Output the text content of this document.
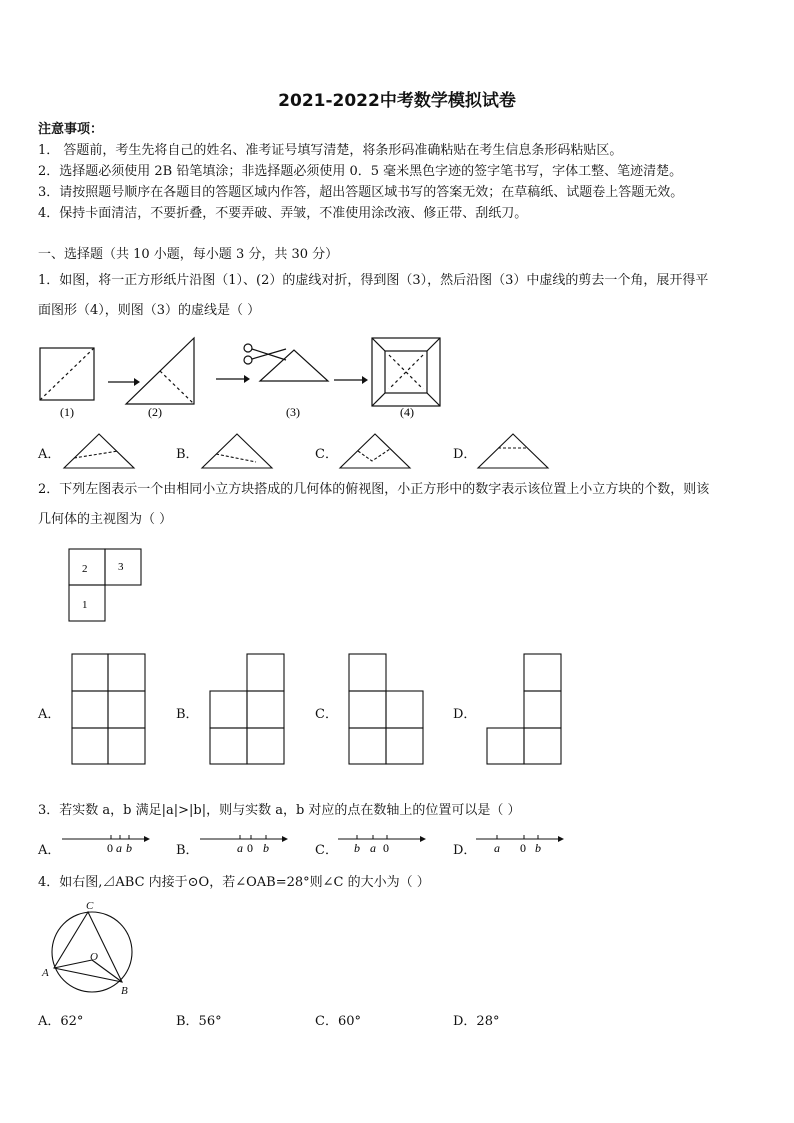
2021-2022中考数学模拟试卷
注意事项：
1． 答题前，考生先将自己的姓名、准考证号填写清楚，将条形码准确粘贴在考生信息条形码粘贴区。
2．选择题必须使用 2B 铅笔填涂；非选择题必须使用 0．5 毫米黑色字迹的签字笔书写，字体工整、笔迹清楚。
3．请按照题号顺序在各题目的答题区域内作答，超出答题区域书写的答案无效；在草稿纸、试题卷上答题无效。
4．保持卡面清洁，不要折叠，不要弄破、弄皱，不准使用涂改液、修正带、刮纸刀。
一、选择题（共 10 小题，每小题 3 分，共 30 分）
1．如图，将一正方形纸片沿图（1）、(2）的虚线对折，得到图（3），然后沿图（3）中虚线的剪去一个角，展开得平
面图形（4），则图（3）的虚线是（ ）
(1)	(2)	(3)	(4)
A．	B．	C．	D．
2．下列左图表示一个由相同小立方块搭成的几何体的俯视图，小正方形中的数字表示该位置上小立方块的个数，则该
几何体的主视图为（ ）
2	3
1
A．	B．	C．	D．
3．若实数 a，b 满足|a|>|b|，则与实数 a，b 对应的点在数轴上的位置可以是（ ）
A．	B．	C．	D．
0 a b	a 0 b	b a 0	a 0 b
4．如右图,⊿ABC 内接于⊙O，若∠OAB=28°则∠C 的大小为（ ）
C
O
A
B
A．62°	B．56°	C．60°	D．28°
